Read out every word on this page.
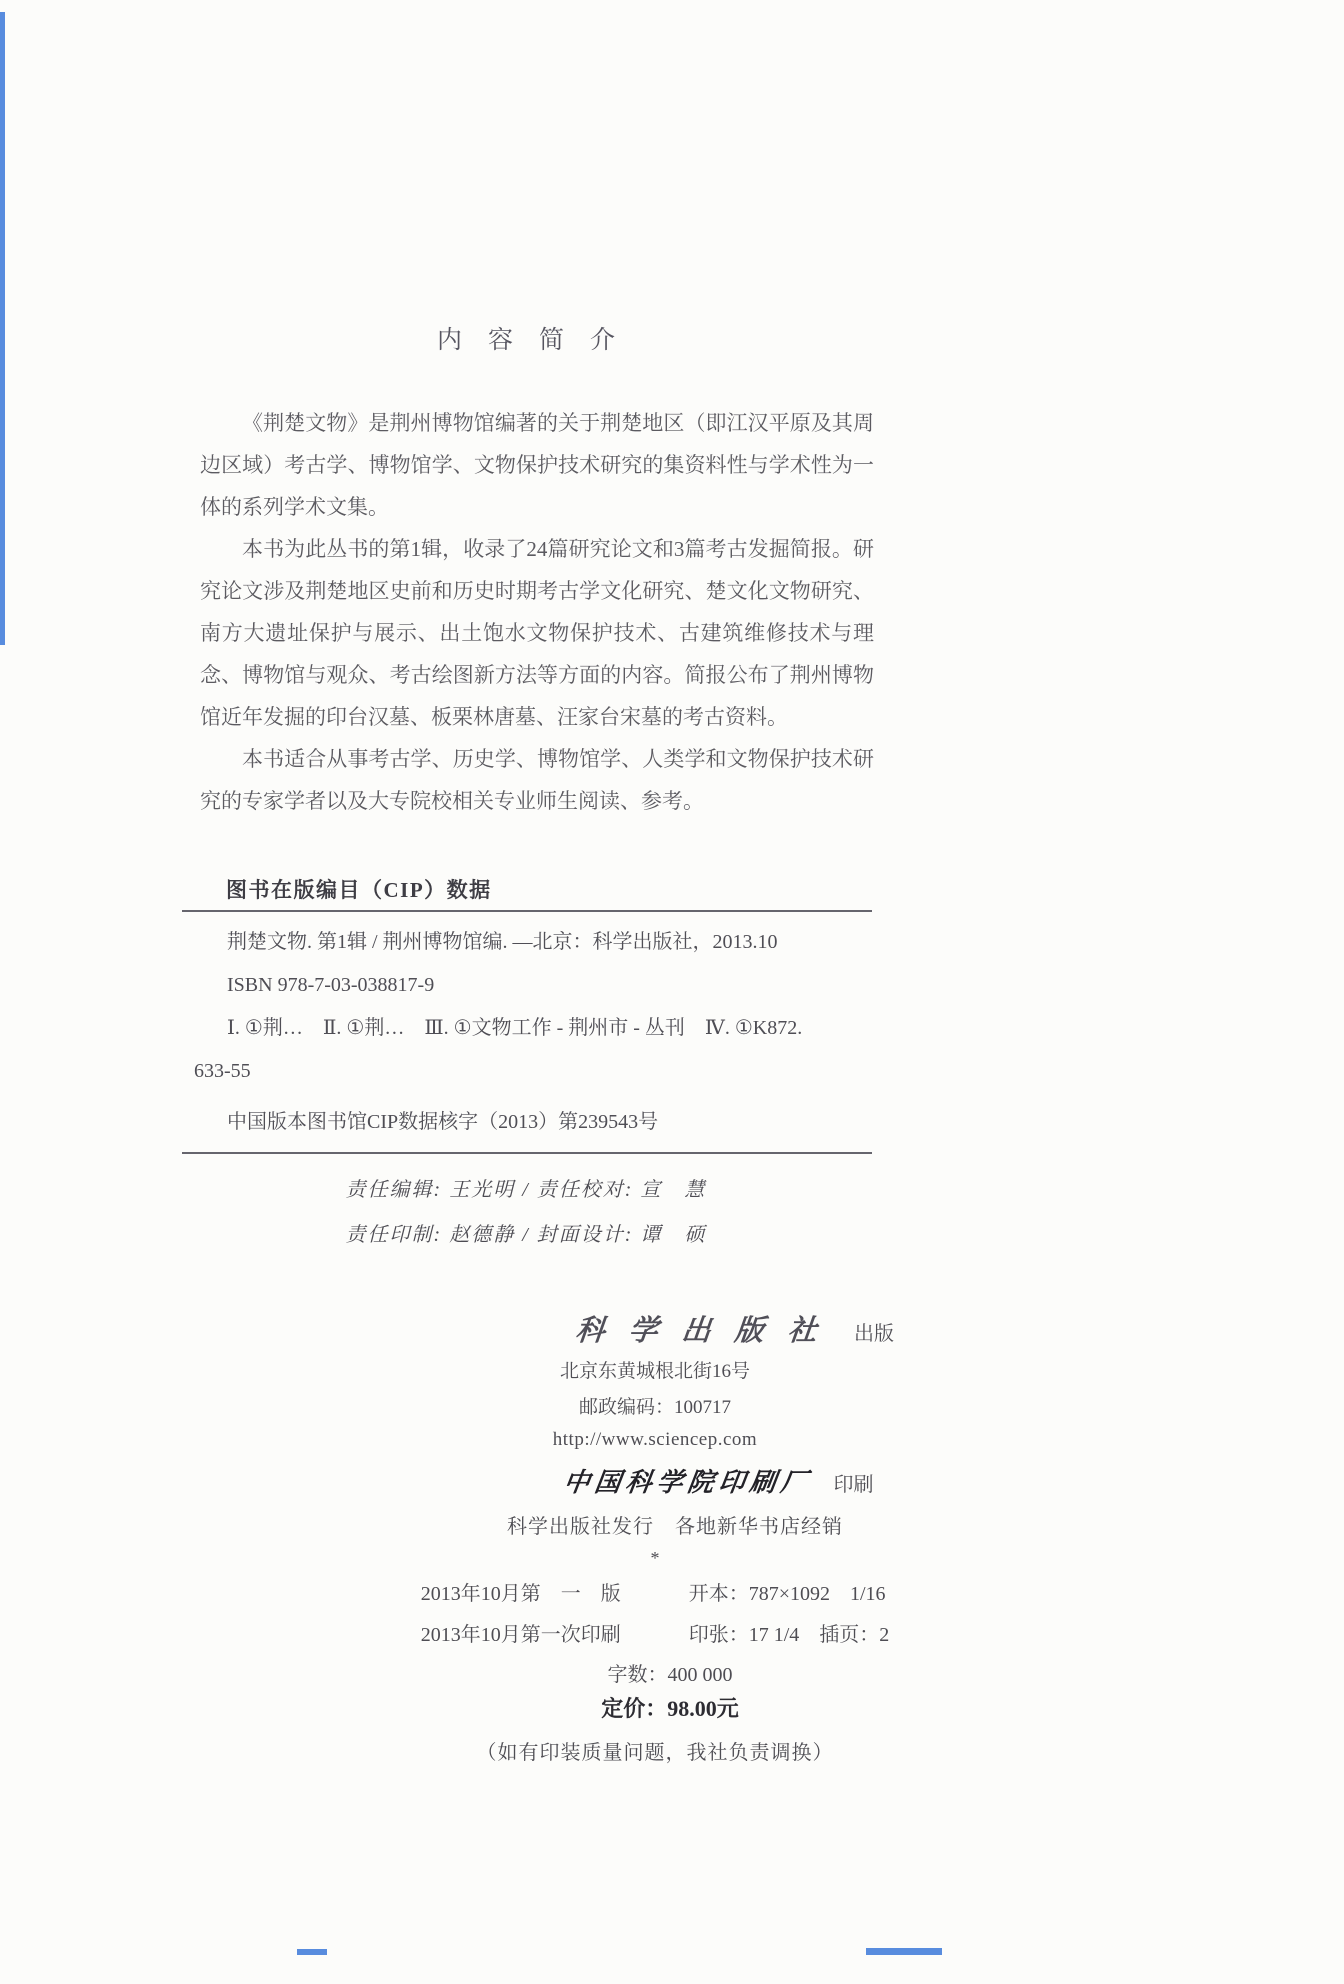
内容简介
《荆楚文物》是荆州博物馆编著的关于荆楚地区（即江汉平原及其周
边区域）考古学、博物馆学、文物保护技术研究的集资料性与学术性为一
体的系列学术文集。
本书为此丛书的第1辑，收录了24篇研究论文和3篇考古发掘简报。研
究论文涉及荆楚地区史前和历史时期考古学文化研究、楚文化文物研究、
南方大遗址保护与展示、出土饱水文物保护技术、古建筑维修技术与理
念、博物馆与观众、考古绘图新方法等方面的内容。简报公布了荆州博物
馆近年发掘的印台汉墓、板栗林唐墓、汪家台宋墓的考古资料。
本书适合从事考古学、历史学、博物馆学、人类学和文物保护技术研
究的专家学者以及大专院校相关专业师生阅读、参考。
图书在版编目（CIP）数据
荆楚文物. 第1辑 / 荆州博物馆编. —北京：科学出版社，2013.10
ISBN 978-7-03-038817-9
Ⅰ. ①荆…　Ⅱ. ①荆…　Ⅲ. ①文物工作 - 荆州市 - 丛刊　Ⅳ. ①K872.
633-55
中国版本图书馆CIP数据核字（2013）第239543号
责任编辑: 王光明 / 责任校对: 宣　慧
责任印制: 赵德静 / 封面设计: 谭　硕
科学出版社 出版
北京东黄城根北街16号
邮政编码：100717
http://www.sciencep.com
中国科学院印刷厂 印刷
科学出版社发行　各地新华书店经销
*
2013年10月第　一　版	开本：787×1092　1/16
2013年10月第一次印刷	印张：17 1/4　插页：2
字数：400 000
定价：98.00元
（如有印装质量问题，我社负责调换）
